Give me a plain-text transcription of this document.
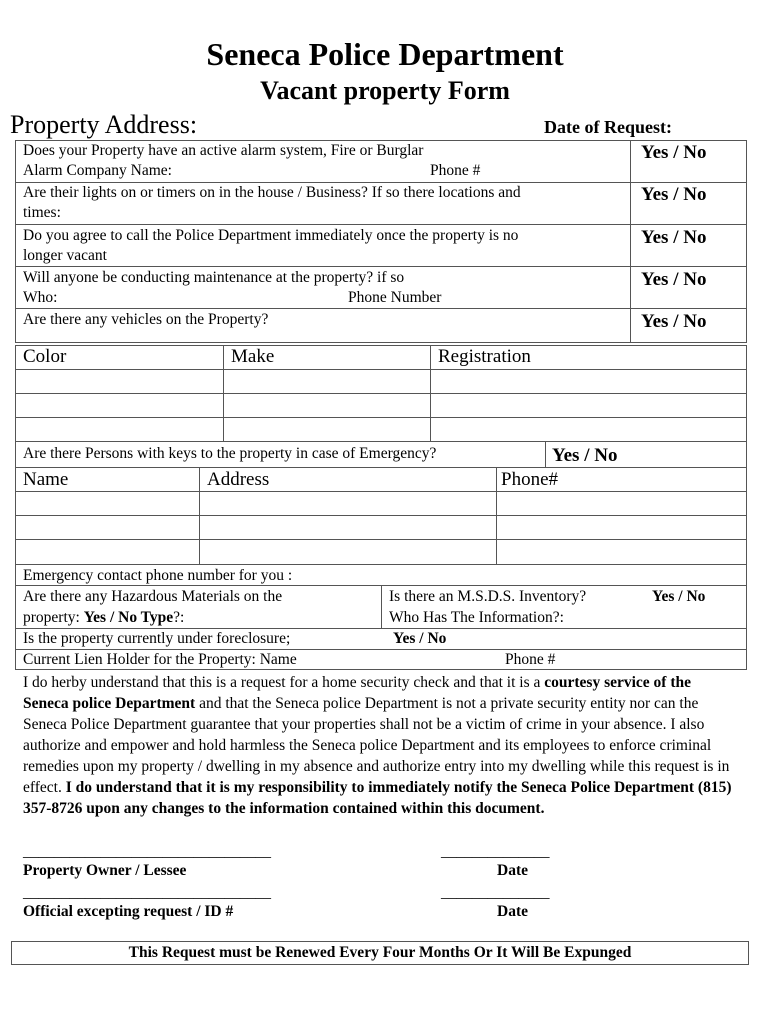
Seneca Police Department
Vacant property Form
Property Address:	Date of Request:
Does your Property have an active alarm system, Fire or Burglar
Alarm Company Name:	Phone #
Yes / No
Are their lights on or timers on in the house / Business? If so there locations and
times:
Yes / No
Do you agree to call the Police Department immediately once the property is no
longer vacant
Yes / No
Will anyone be conducting maintenance at the property? if so
Who:	Phone Number
Yes / No
Are there any vehicles on the Property?	Yes / No
Color	Make	Registration
Are there Persons with keys to the property in case of Emergency?	Yes / No
Name	Address	Phone#
Emergency contact phone number for you :
Are there any Hazardous Materials on the
property: Yes / No Type?:
Is there an M.S.D.S. Inventory?	Yes / No
Who Has The Information?:
Is the property currently under foreclosure;	Yes / No
Current Lien Holder for the Property: Name	Phone #
I do herby understand that this is a request for a home security check and that it is a courtesy service of the Seneca police Department and that the Seneca police Department is not a private security entity nor can the Seneca Police Department guarantee that your properties shall not be a victim of crime in your absence. I also authorize and empower and hold harmless the Seneca police Department and its employees to enforce criminal remedies upon my property / dwelling in my absence and authorize entry into my dwelling while this request is in effect. I do understand that it is my responsibility to immediately notify the Seneca Police Department (815) 357-8726 upon any changes to the information contained within this document.
________________________________	______________
Property Owner / Lessee	Date
________________________________	______________
Official excepting request / ID #	Date
This Request must be Renewed Every Four Months Or It Will Be Expunged
